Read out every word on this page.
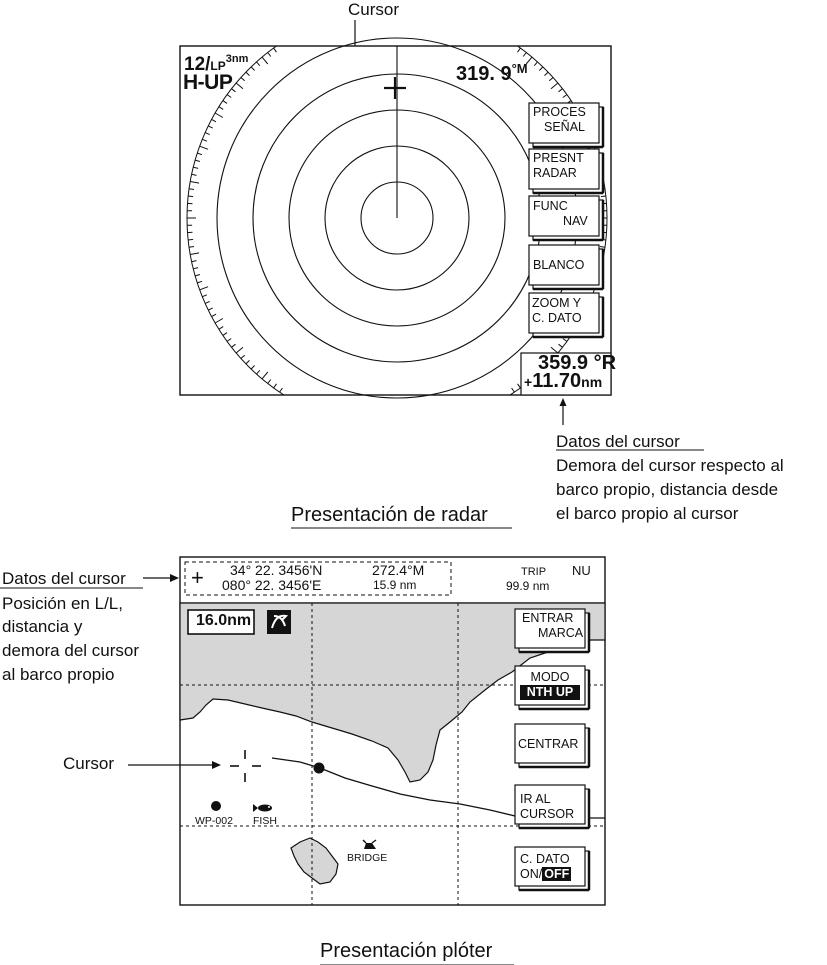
Cursor
$12/LP^{3nm}$
H-UP	319. $9^{^\circ M}$
PROCES
SEÑAL
PRESNT
RADAR
FUNC
NAV
BLANCO
ZOOM Y
C. DATO
359.9 °R
+11.70nm
Datos del cursor
Demora del cursor respecto al
barco propio, distancia desde
el barco propio al cursor
Presentación de radar
Datos del cursor
Posición en L/L,
distancia y
demora del cursor
al barco propio
Cursor
+ 34° 22. 3456'N
080° 22. 3456'E
272.4°M
15.9 nm
TRIP
99.9 nm
NU
16.0nm	ENTRAR
MARCA
MODO
NTH UP
CENTRAR
IR AL
CURSOR
C. DATO
ON/ OFF
WP-002 FISH
BRIDGE
Presentación plóter
